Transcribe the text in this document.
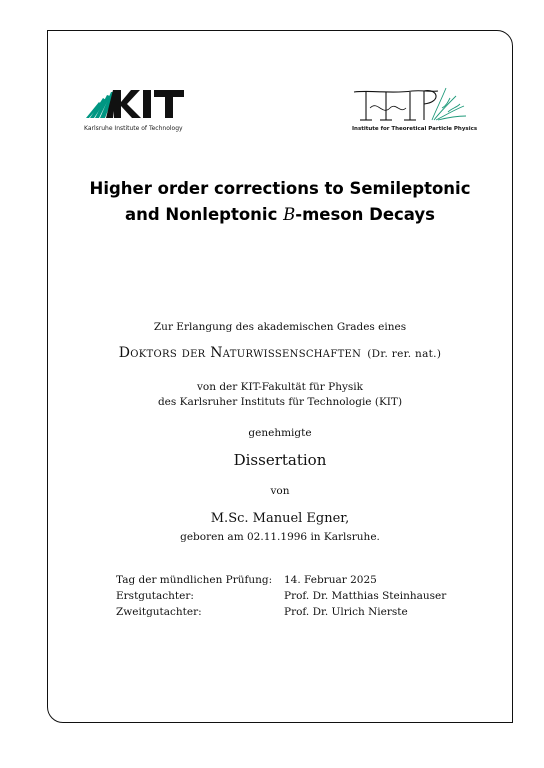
Karlsruhe Institute of Technology	Institute for Theoretical Particle Physics
Higher order corrections to Semileptonic
and Nonleptonic B-meson Decays
Zur Erlangung des akademischen Grades eines
Doktors der Naturwissenschaften (Dr. rer. nat.)
von der KIT-Fakultät für Physik
des Karlsruher Instituts für Technologie (KIT)
genehmigte
Dissertation
von
M.Sc. Manuel Egner,
geboren am 02.11.1996 in Karlsruhe.
Tag der mündlichen Prüfung: 14. Februar 2025
Erstgutachter:	Prof. Dr. Matthias Steinhauser
Zweitgutachter:	Prof. Dr. Ulrich Nierste
